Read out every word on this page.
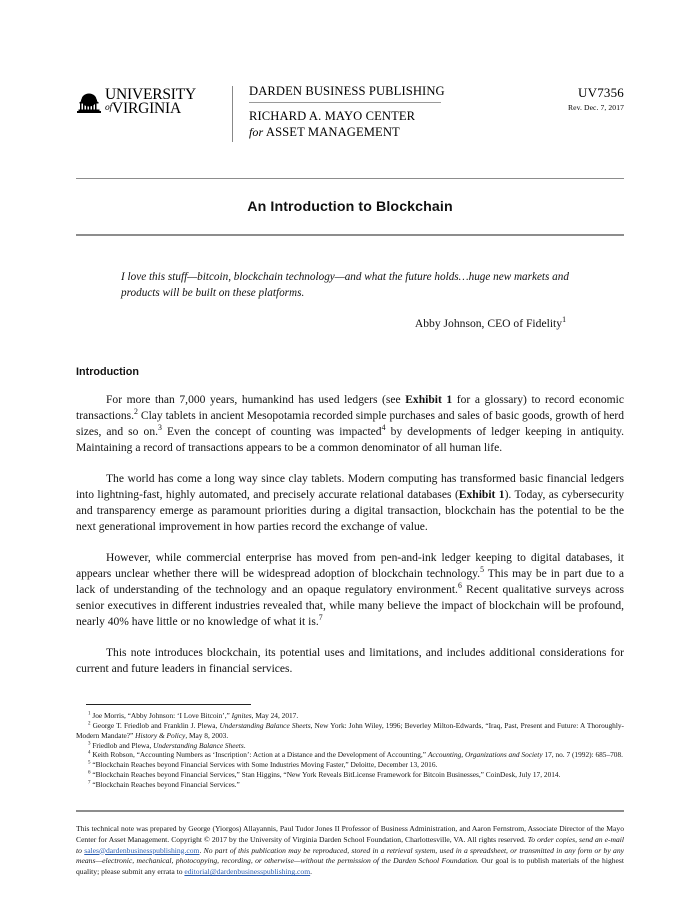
UNIVERSITY
ofVIRGINIA
DARDEN BUSINESS PUBLISHING
RICHARD A. MAYO CENTER
for ASSET MANAGEMENT
UV7356
Rev. Dec. 7, 2017
An Introduction to Blockchain
I love this stuff—bitcoin, blockchain technology—and what the future holds…huge new markets and products will be built on these platforms.
Abby Johnson, CEO of Fidelity$^1$
Introduction

For more than 7,000 years, humankind has used ledgers (see Exhibit 1 for a glossary) to record economic transactions.$^2$ Clay tablets in ancient Mesopotamia recorded simple purchases and sales of basic goods, growth of herd sizes, and so on.$^3$ Even the concept of counting was impacted$^4$ by developments of ledger keeping in antiquity. Maintaining a record of transactions appears to be a common denominator of all human life.

The world has come a long way since clay tablets. Modern computing has transformed basic financial ledgers into lightning-fast, highly automated, and precisely accurate relational databases (Exhibit 1). Today, as cybersecurity and transparency emerge as paramount priorities during a digital transaction, blockchain has the potential to be the next generational improvement in how parties record the exchange of value.

However, while commercial enterprise has moved from pen-and-ink ledger keeping to digital databases, it appears unclear whether there will be widespread adoption of blockchain technology.$^5$ This may be in part due to a lack of understanding of the technology and an opaque regulatory environment.$^6$ Recent qualitative surveys across senior executives in different industries revealed that, while many believe the impact of blockchain will be profound, nearly 40% have little or no knowledge of what it is.$^7$

This note introduces blockchain, its potential uses and limitations, and includes additional considerations for current and future leaders in financial services.

$^1$ Joe Morris, “Abby Johnson: ‘I Love Bitcoin’,” Ignites, May 24, 2017.

$^2$ George T. Friedlob and Franklin J. Plewa, Understanding Balance Sheets, New York: John Wiley, 1996; Beverley Milton-Edwards, “Iraq, Past, Present and Future: A Thoroughly-Modern Mandate?” History & Policy, May 8, 2003.

$^3$ Friedlob and Plewa, Understanding Balance Sheets.

$^4$ Keith Robson, “Accounting Numbers as ‘Inscription’: Action at a Distance and the Development of Accounting,” Accounting, Organizations and Society 17, no. 7 (1992): 685–708.

$^5$ “Blockchain Reaches beyond Financial Services with Some Industries Moving Faster,” Deloitte, December 13, 2016.

$^6$ “Blockchain Reaches beyond Financial Services,” Stan Higgins, “New York Reveals BitLicense Framework for Bitcoin Businesses,” CoinDesk, July 17, 2014.

$^7$ “Blockchain Reaches beyond Financial Services.”

This technical note was prepared by George (Yiorgos) Allayannis, Paul Tudor Jones II Professor of Business Administration, and Aaron Fernstrom, Associate Director of the Mayo Center for Asset Management. Copyright © 2017 by the University of Virginia Darden School Foundation, Charlottesville, VA. All rights reserved. To order copies, send an e-mail to sales@dardenbusinesspublishing.com. No part of this publication may be reproduced, stored in a retrieval system, used in a spreadsheet, or transmitted in any form or by any means—electronic, mechanical, photocopying, recording, or otherwise—without the permission of the Darden School Foundation. Our goal is to publish materials of the highest quality; please submit any errata to editorial@dardenbusinesspublishing.com.
